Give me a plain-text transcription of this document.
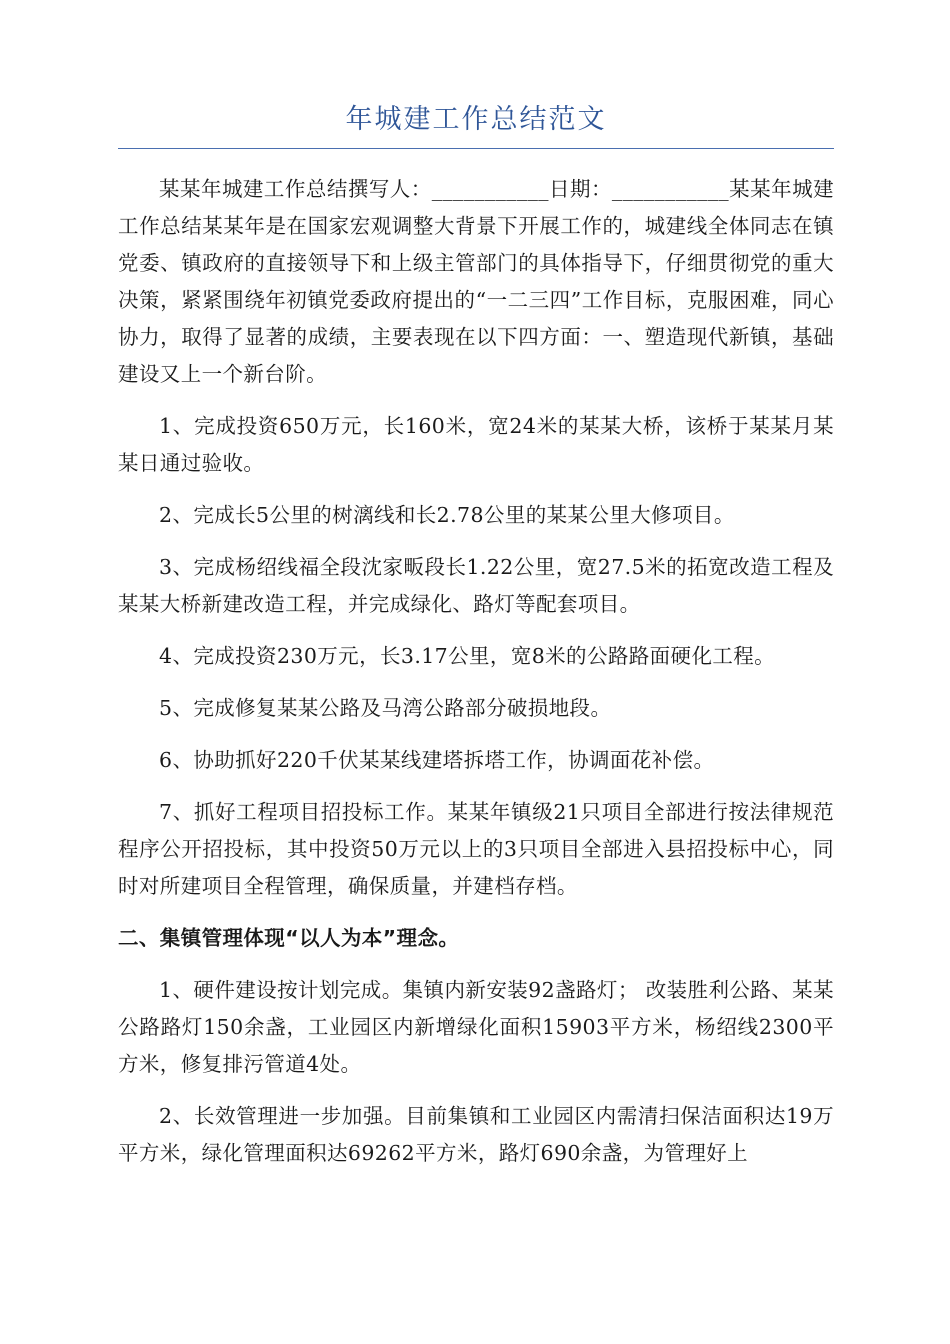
年城建工作总结范文

某某年城建工作总结撰写人：___________日期：___________某某年城建工作总结某某年是在国家宏观调整大背景下开展工作的，城建线全体同志在镇党委、镇政府的直接领导下和上级主管部门的具体指导下，仔细贯彻党的重大决策，紧紧围绕年初镇党委政府提出的“一二三四”工作目标，克服困难，同心协力，取得了显著的成绩，主要表现在以下四方面：一、塑造现代新镇，基础建设又上一个新台阶。

1、完成投资650万元，长160米，宽24米的某某大桥，该桥于某某月某某日通过验收。

2、完成长5公里的树漓线和长2.78公里的某某公里大修项目。

3、完成杨绍线福全段沈家畈段长1.22公里，宽27.5米的拓宽改造工程及某某大桥新建改造工程，并完成绿化、路灯等配套项目。

4、完成投资230万元，长3.17公里，宽8米的公路路面硬化工程。

5、完成修复某某公路及马湾公路部分破损地段。

6、协助抓好220千伏某某线建塔拆塔工作，协调面花补偿。

7、抓好工程项目招投标工作。某某年镇级21只项目全部进行按法律规范程序公开招投标，其中投资50万元以上的3只项目全部进入县招投标中心，同时对所建项目全程管理，确保质量，并建档存档。

二、集镇管理体现“以人为本”理念。

1、硬件建设按计划完成。集镇内新安装92盏路灯； 改装胜利公路、某某公路路灯150余盏，工业园区内新增绿化面积15903平方米，杨绍线2300平方米，修复排污管道4处。

2、长效管理进一步加强。目前集镇和工业园区内需清扫保洁面积达19万平方米，绿化管理面积达69262平方米，路灯690余盏，为管理好上
